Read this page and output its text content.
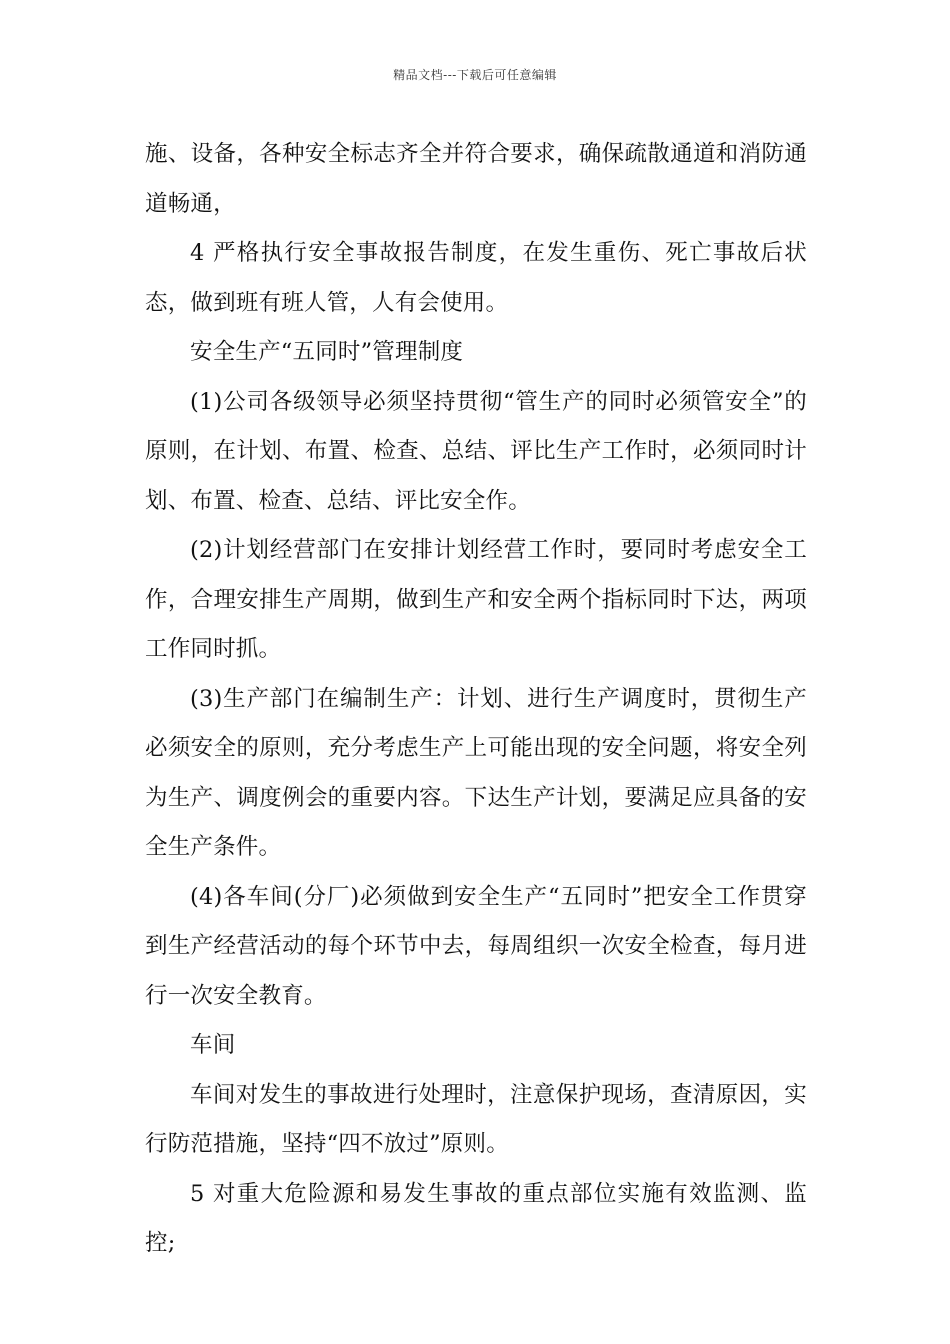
精品文档---下载后可任意编辑

施、设备，各种安全标志齐全并符合要求，确保疏散通道和消防通道畅通，

4 严格执行安全事故报告制度，在发生重伤、死亡事故后状态，做到班有班人管，人有会使用。

安全生产“五同时”管理制度

(1)公司各级领导必须坚持贯彻“管生产的同时必须管安全”的原则，在计划、布置、检查、总结、评比生产工作时，必须同时计划、布置、检查、总结、评比安全作。

(2)计划经营部门在安排计划经营工作时，要同时考虑安全工作，合理安排生产周期，做到生产和安全两个指标同时下达，两项工作同时抓。

(3)生产部门在编制生产：计划、进行生产调度时，贯彻生产必须安全的原则，充分考虑生产上可能出现的安全问题，将安全列为生产、调度例会的重要内容。下达生产计划，要满足应具备的安全生产条件。

(4)各车间(分厂)必须做到安全生产“五同时”把安全工作贯穿到生产经营活动的每个环节中去，每周组织一次安全检查，每月进行一次安全教育。

车间

车间对发生的事故进行处理时，注意保护现场，查清原因，实行防范措施，坚持“四不放过”原则。

5 对重大危险源和易发生事故的重点部位实施有效监测、监控;
